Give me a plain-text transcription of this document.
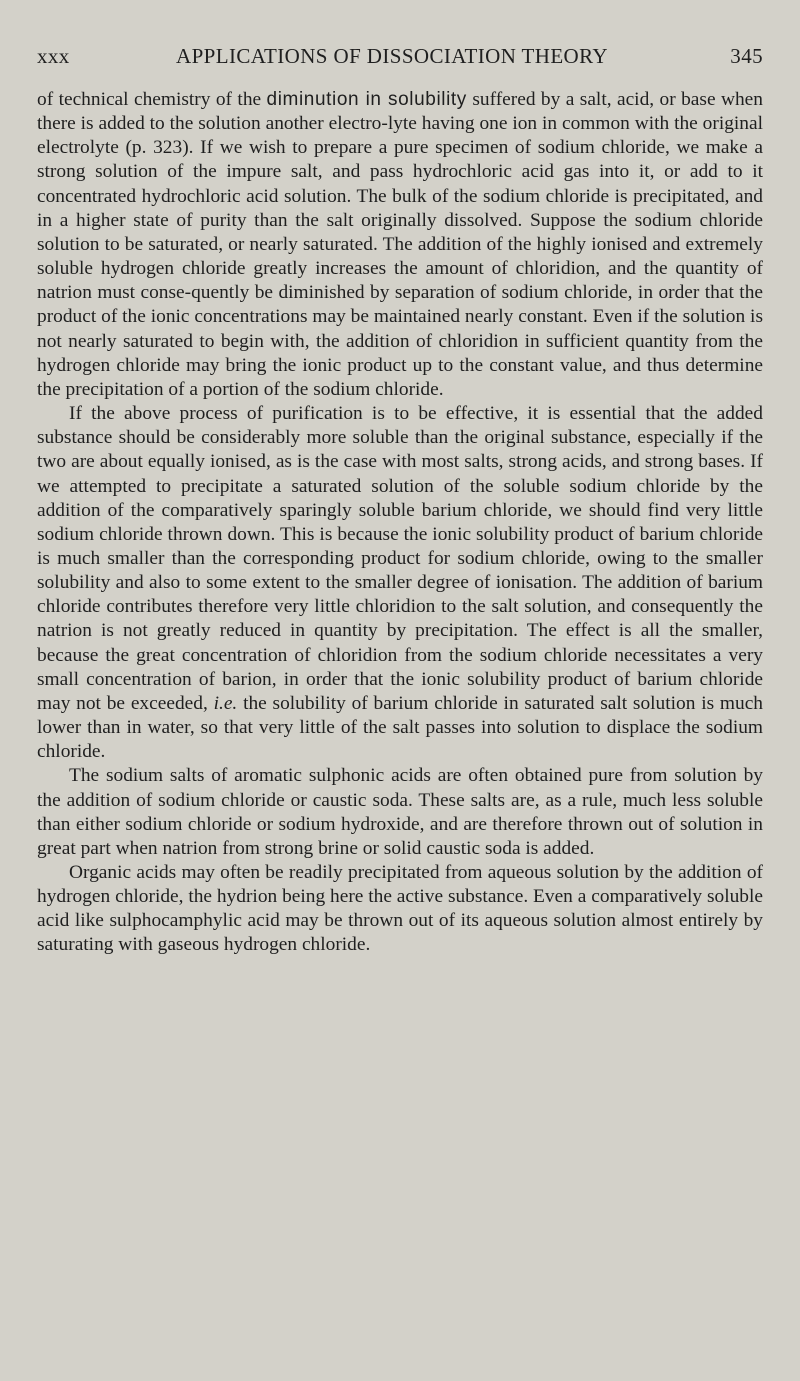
xxx	APPLICATIONS OF DISSOCIATION THEORY	345

of technical chemistry of the diminution in solubility suffered by a salt, acid, or base when there is added to the solution another electro-lyte having one ion in common with the original electrolyte (p. 323). If we wish to prepare a pure specimen of sodium chloride, we make a strong solution of the impure salt, and pass hydrochloric acid gas into it, or add to it concentrated hydrochloric acid solution. The bulk of the sodium chloride is precipitated, and in a higher state of purity than the salt originally dissolved. Suppose the sodium chloride solution to be saturated, or nearly saturated. The addition of the highly ionised and extremely soluble hydrogen chloride greatly increases the amount of chloridion, and the quantity of natrion must conse-quently be diminished by separation of sodium chloride, in order that the product of the ionic concentrations may be maintained nearly constant. Even if the solution is not nearly saturated to begin with, the addition of chloridion in sufficient quantity from the hydrogen chloride may bring the ionic product up to the constant value, and thus determine the precipitation of a portion of the sodium chloride.

If the above process of purification is to be effective, it is essential that the added substance should be considerably more soluble than the original substance, especially if the two are about equally ionised, as is the case with most salts, strong acids, and strong bases. If we attempted to precipitate a saturated solution of the soluble sodium chloride by the addition of the comparatively sparingly soluble barium chloride, we should find very little sodium chloride thrown down. This is because the ionic solubility product of barium chloride is much smaller than the corresponding product for sodium chloride, owing to the smaller solubility and also to some extent to the smaller degree of ionisation. The addition of barium chloride contributes therefore very little chloridion to the salt solution, and consequently the natrion is not greatly reduced in quantity by precipitation. The effect is all the smaller, because the great concentration of chloridion from the sodium chloride necessitates a very small concentration of barion, in order that the ionic solubility product of barium chloride may not be exceeded, i.e. the solubility of barium chloride in saturated salt solution is much lower than in water, so that very little of the salt passes into solution to displace the sodium chloride.

The sodium salts of aromatic sulphonic acids are often obtained pure from solution by the addition of sodium chloride or caustic soda. These salts are, as a rule, much less soluble than either sodium chloride or sodium hydroxide, and are therefore thrown out of solution in great part when natrion from strong brine or solid caustic soda is added.

Organic acids may often be readily precipitated from aqueous solution by the addition of hydrogen chloride, the hydrion being here the active substance. Even a comparatively soluble acid like sulphocamphylic acid may be thrown out of its aqueous solution almost entirely by saturating with gaseous hydrogen chloride.
